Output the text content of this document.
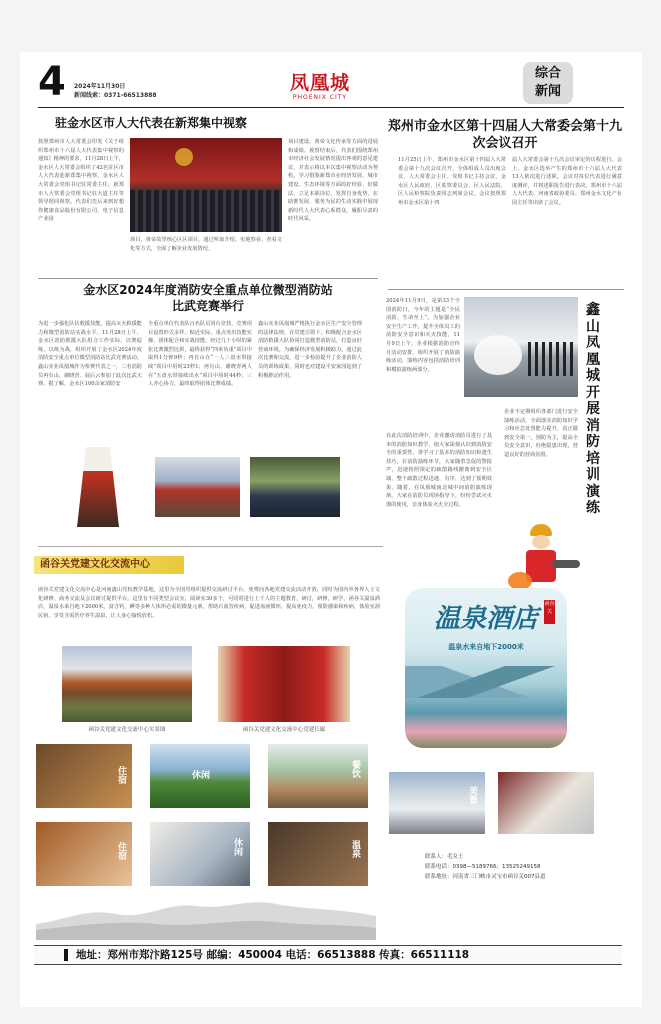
4 2024年11月30日
新闻线索：0371-66513888
凤凰城
PHOENIX CITY
综合
新闻
驻金水区市人大代表在新郑集中视察
按照郑州市人大常委会印发《关于组织郑州市十六届人大代表集中视察的通知》精神的要求，11月28日上午，金水区人大常委会组织了42名驻区市人大代表赴新郑集中视察。金水区人大常委会党组书记驻常委主任，新郑市人大常委会党组书记驻大道主任等领导陪同视察。代表们先后来到好想你健康食品股份有限公司、电子信息产业园
项目、黄帝故里核心区区项目，通过听取介绍、实地察看、查看文化等方式，全面了解企业发展情况、
项目建设、黄帝文化传承等方面的进展和成绩。视察结束后，代表们围绕郑州市经济社会发展情况提出客观的意见建议，并表示将以本次集中视察活动为契机，学习借鉴新郑市在经济发展、城市建设、生态环境等方面的好经验、好做法，立足本职岗位，发挥自身优势，在助推发展、服务为民的生动实践中展现新时代人大代表心系群众，履职尽责的时代风采。
郑州市金水区第十四届人大常委会第十九次会议召开
11月25日上午，郑州市金水区第十四届人大常委会第十九次会议召开。全体组成人员出席会议，人大常委会主任、党组书记主持会议，金水区人民政府、区监察委员会、区人民法院、区人民检察院负责同志列席会议。会议按照郑州市金水区第十四
届人大常委会第十九次会议审定的议程进行。会上，金水区选举产生的郑州市十六届人大代表13人依次进行述职。会议对每位代表进行满意度测评，并将述职报告进行表决。郑州市十六届人大代表、河南省政协委员、郑州金水文化产业园主任等出席了会议。
金水区2024年度消防安全重点单位微型消防站
比武竞赛举行
为进一步强化队伍救援技能，提高灭火救援能力和微型消防站实战水平，11月28日上午，金水区消防救援大队组合工作实际，以赛促练、以练为战，组织开展了金水区2024年度消防安全重点单位微型消防站比武竞赛活动。鑫山实业凤凰城作为参赛代表之一，三名消防员再有山、谢晓青、展后云参加了此次比武大赛。据了解，金水区100余家消防安
全重点单位代表队百名队员同台竞技，竞赛项目设置形式多样，贴近实际，重点突出技能实操、团体配合和实战技能，经过几十小时的紧张比赛激烈比拼，最终获得“四米负重”项目中取得1分钟9秒；再有山在“一人三盘水带接续”项目中用时23秒1；再有山、谢晓青两人在“五盘水带接续出水”项目中用时44秒；三人齐心协力，最终取得团体比赛成绩。
鑫山实业凤凰城严格执行金水区生产安全管理的法律法规，在党建引领下，积极配合金水区消防救援大队协同打造微型消防站，打造良好营商环境。为确保经济发展积极助力。通过此次比赛和交流，进一步检验提升了企业消防人员的训练成果，同时也对建设平安家园起到了积极推动作用。
2024年11月9日，是第33个全国消防日，今年的主题是“全民消防、生命至上”。为加强企业安全生产工作，提升全体员工的消防安全意识和灭火技能，11月9日上午，企业根据消防宣传月活动安排，组织开展了消防演练活动，演练内容包括消防培训和模拟演练两部分。
鑫山凤凰城开展消防培训演练
企业不定期组织各部门进行安全演练活动，全面落实消防知识学习和应急处置能力提升，真正做到安全第一，预防为主，提高全员安全意识，杜绝隐患出现，营造良好的营商氛围。
在此次消防培训中，企业邀请消防员进行了基本的消防知识教学，使大家深刻认识到消防安全的重要性。讲学习了基本的消防知识和逃生技巧，在消防演练环节，大家随着急促的警报声，迅速按照预定的疏散路线撤离到安全区域，整个疏散过程迅速、有序，达到了预期效果。随着，在凤凰城南北城中间消防演练现场，大家在消防员现场指导下，纷纷尝试灭火器的使用，亲身体验灭火全过程。
函谷关党建文化交流中心
函谷关党建文化交流中心是河南鑫山党校教学基地，这里为全国党组织提供交流研讨平台，免费向各地党建交流活动开放，同时为国内外各界人士文化研修、商务交流及会议研讨提供平台。这里有不同类型会议室，阅读室30多个，可同时进行上千人的主题教育，研讨，研修，研学。函谷关温泉酒店，温泉水来自地下2000米，富含钙，碘等多种人体所必需的微量元素，帮助石血管疾病，促进血液循环，提高免疫力，预防感染和疾病，体验室洞民宿，享受含需医疗养生温泉，让人身心愉悦放松。
函谷关党建文化交流中心实景图	函谷关党建文化交流中心党建长廊
住宿	休闲	餐饮
住宿	休闲	温泉
温泉酒店	函谷关
温泉水来自地下2000米
美景
联系人：毛女士
联系电话：0398—5189766；13525249158
联系地址：河南省三门峡市灵宝市函谷关007县道
地址：郑州市郑汴路125号 邮编：450004 电话：66513888 传真：66511118
